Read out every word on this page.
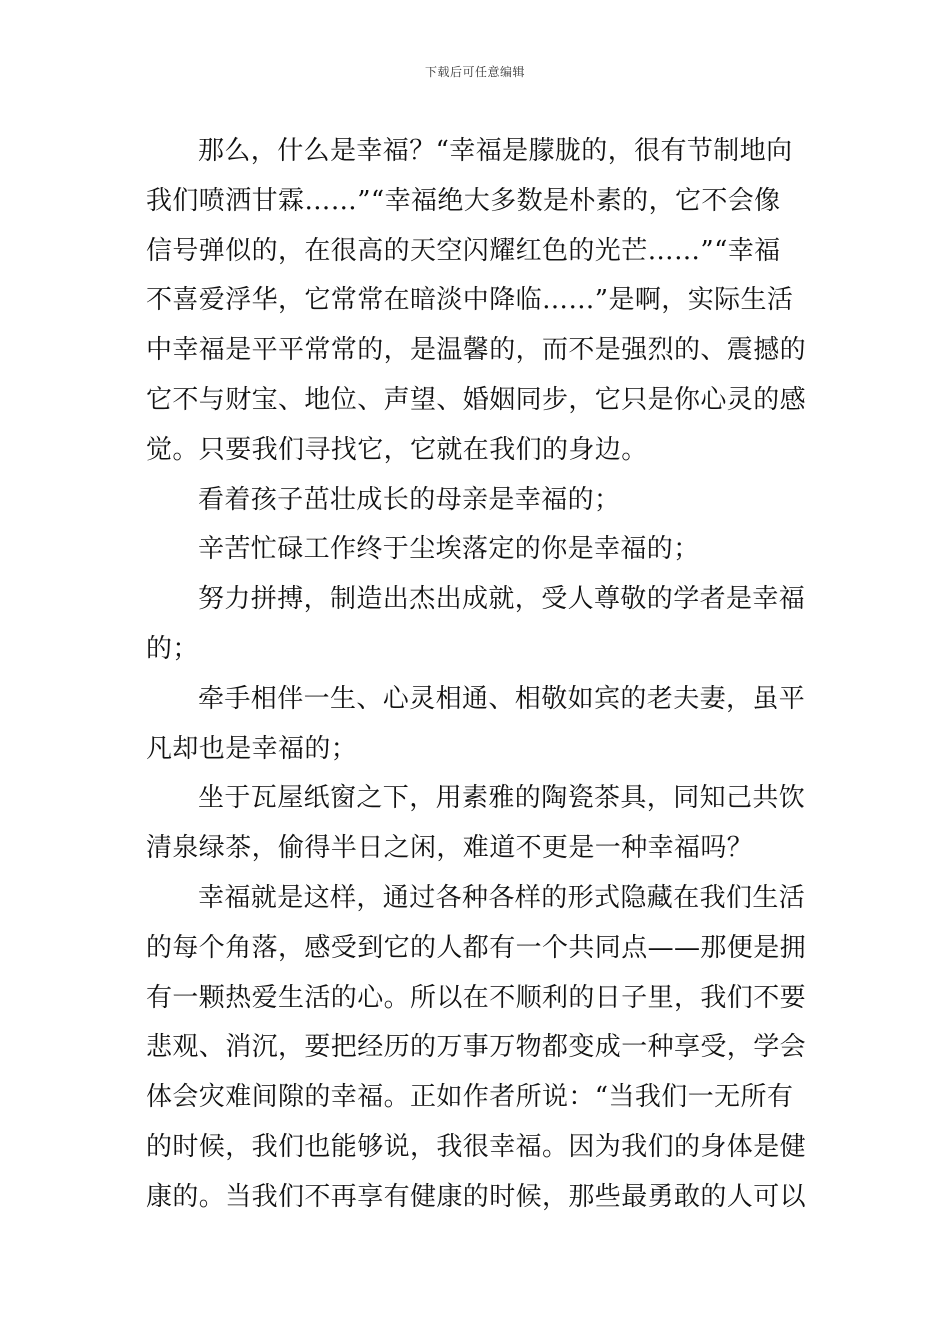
下载后可任意编辑
那么，什么是幸福？“幸福是朦胧的，很有节制地向
我们喷洒甘霖……”“幸福绝大多数是朴素的，它不会像
信号弹似的，在很高的天空闪耀红色的光芒……”“幸福
不喜爱浮华，它常常在暗淡中降临……”是啊，实际生活
中幸福是平平常常的，是温馨的，而不是强烈的、震撼的
它不与财宝、地位、声望、婚姻同步，它只是你心灵的感
觉。只要我们寻找它，它就在我们的身边。
看着孩子茁壮成长的母亲是幸福的；
辛苦忙碌工作终于尘埃落定的你是幸福的；
努力拼搏，制造出杰出成就，受人尊敬的学者是幸福
的；
牵手相伴一生、心灵相通、相敬如宾的老夫妻，虽平
凡却也是幸福的；
坐于瓦屋纸窗之下，用素雅的陶瓷茶具，同知己共饮
清泉绿茶，偷得半日之闲，难道不更是一种幸福吗？
幸福就是这样，通过各种各样的形式隐藏在我们生活
的每个角落，感受到它的人都有一个共同点——那便是拥
有一颗热爱生活的心。所以在不顺利的日子里，我们不要
悲观、消沉，要把经历的万事万物都变成一种享受，学会
体会灾难间隙的幸福。正如作者所说：“当我们一无所有
的时候，我们也能够说，我很幸福。因为我们的身体是健
康的。当我们不再享有健康的时候，那些最勇敢的人可以
